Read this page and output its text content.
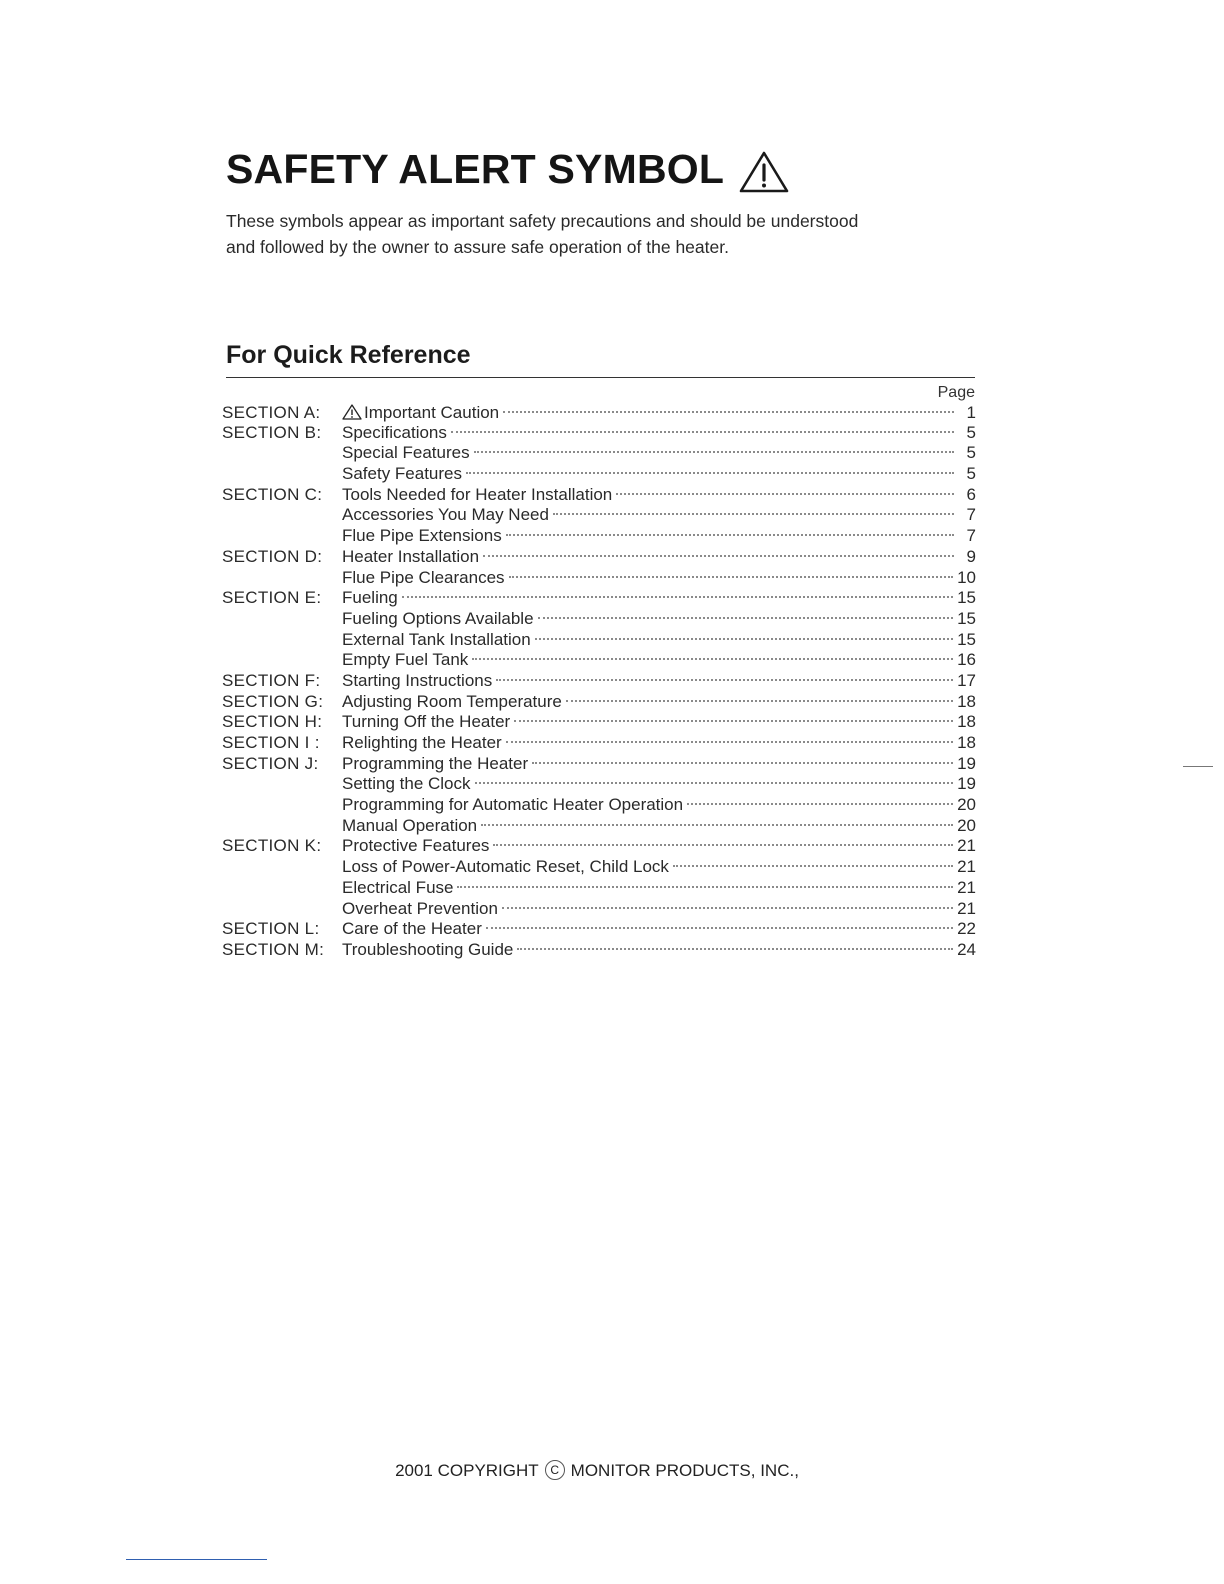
SAFETY ALERT SYMBOL

These symbols appear as important safety precautions and should be understood

and followed by the owner to assure safe operation of the heater.

For Quick Reference
Page
SECTION A:	Important Caution	1
SECTION B:	Specifications	5
Special Features	5
Safety Features	5
SECTION C:	Tools Needed for Heater Installation	6
Accessories You May Need	7
Flue Pipe Extensions	7
SECTION D:	Heater Installation	9
Flue Pipe Clearances	10
SECTION E:	Fueling	15
Fueling Options Available	15
External Tank Installation	15
Empty Fuel Tank	16
SECTION F:	Starting Instructions	17
SECTION G:	Adjusting Room Temperature	18
SECTION H:	Turning Off the Heater	18
SECTION I :	Relighting the Heater	18
SECTION J:	Programming the Heater	19
Setting the Clock	19
Programming for Automatic Heater Operation	20
Manual Operation	20
SECTION K:	Protective Features	21
Loss of Power-Automatic Reset, Child Lock	21
Electrical Fuse	21
Overheat Prevention	21
SECTION L:	Care of the Heater	22
SECTION M:	Troubleshooting Guide	24
2001 COPYRIGHT C MONITOR PRODUCTS, INC.,
